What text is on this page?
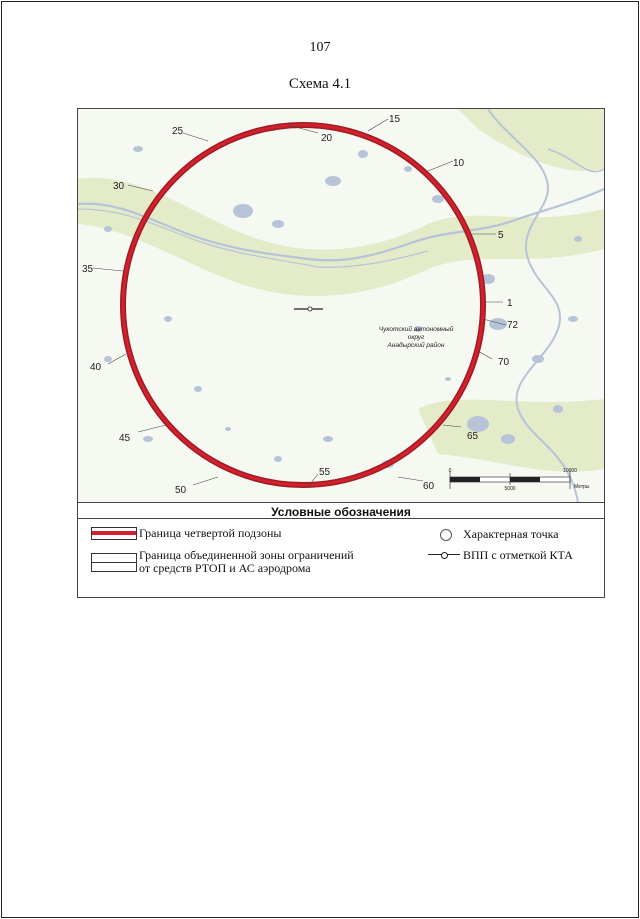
107
Схема 4.1
1
5
10
15
20
25
30
35
40
45
50
55
60
65
70
72
Чукотский автономный
округ
Анадырский район
0
5000
10000
Метры
Условные обозначения
Граница четвертой подзоны
Граница объединенной зоны ограничений
от средств РТОП и АС аэродрома
Характерная точка
ВПП с отметкой КТА
